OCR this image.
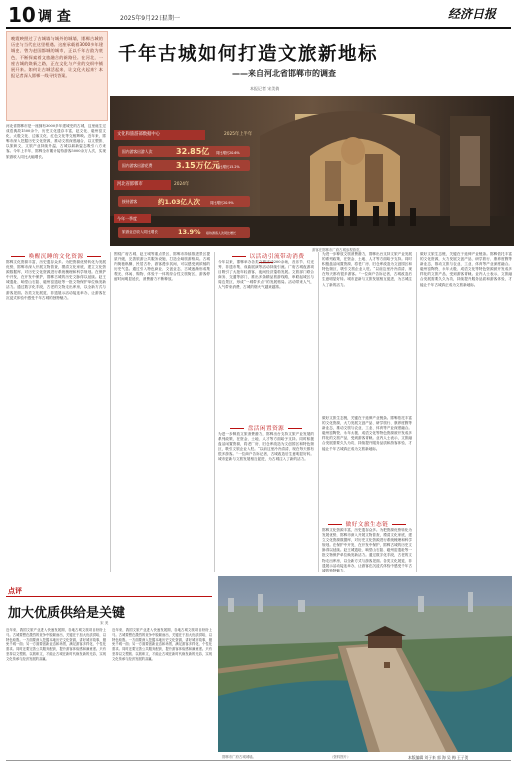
10 调 查	2025年9月22日
星期一	经济日报
晚霞映照过了古城墙与城外的城墙，邯郸古城的历史与当代在这里相遇。这座承载着3000多年建城史、曾为赵国都城的城市，正以千年古韵为底色，不断探索着文旅融合的新路径。在河北，一座古城的焕新之路，正在文化与产业的交织中铺展开来。如何让古城活起来、让文化火起来？本报记者深入邯郸一线寻找答案。
千年古城如何打造文旅新地标
——来自河北省邯郸市的调查
本报记者 宋美倩
河北省邯郸市是一座拥有3000多年建城史的古城，这里诞生过成语典故1500余个，历史文化遗存丰富，赵文化、磁州窑文化、太极文化、边塞文化、红色文化等交相辉映。近年来，邯郸市深入挖掘历史文化资源，推动文旅深度融合，以文塑旅、以旅彰文，文旅产业持续升温，古城以崭新姿态吸引八方来客。今年上半年，邯郸全市累计接待游客5000余万人次，实现旅游收入同比大幅增长。
文化和旅游部数据中心	2025年上半年
国内游客出游人次	32.85亿 同比增长20.6%
国内游客出游花费	3.15万亿元
同比增长15.2%
河北省邯郸市	2024年
接待游客	约1.03亿人次	同比增长20.9%
今年一季度
旅游业总收入同比增长	13.9% 接待游客人次同比增长
游客在邯郸市广府古城参观游览。
唤醒沉睡的文化资源
邯郸文化资源丰富，历史遗存众多。为把资源优势转化为发展优势，邯郸市深入开展文物普查，摸清文化家底，建立文化资源数据库，对历史文化资源进行系统梳理和科学规划。在保护中开发，在开发中保护，邯郸古城的历史文脉得以延续。赵王城遗址、响堂山石窟、磁州窑遗址等一批文物保护单位焕发新活力。通过数字化手段，古老的文物走出库房，以全新方式与游客见面。各类文化展览、非遗展示活动接连举办，让游客在沉浸式体验中感受千年古城的独特魅力。
围绕广府古城、赵王城等重点景区，邯郸市持续推进景区提质升级，完善旅游公共服务设施，打造全域旅游格局。古城内街巷纵横、民居古朴，游客漫步其间，可以感受到浓郁的历史气息。通过引入特色商业、文创业态，古城逐渐形成集观光、休闲、购物、体验于一体的综合性文旅街区，游客停留时间明显延长，消费潜力不断释放。
以活动引流带动消费
今年以来，邯郸举办各类文旅活动200余场，音乐节、灯光秀、非遗市集、戏曲展演等活动持续引流。广府古城夜游项目吸引了大批年轻游客，夜间经济蓬勃发展。文旅部门联合商务、交通等部门，推出多条精品旅游线路，串联起城区与周边景区，形成“一城带多点”的发展格局。活动带来人气，人气带来消费，古城的烟火气越来越浓。
盘活闲置资源
为进一步释放文旅消费潜力，邯郸出台支持文旅产业发展的系列政策，在资金、土地、人才等方面给予支持。同时积极盘活闲置资源，将老厂房、旧仓库改造为文创园区和特色街区，吸引文旅企业入驻。“以前这里冷冷清清，现在每天都有很多游客。”一位商户告诉记者，古城改造后生意明显好转。城市更新与文旅发展相互促进，为古城注入了新的活力。
为进一步释放文旅消费潜力，邯郸出台支持文旅产业发展的系列政策，在资金、土地、人才等方面给予支持。同时积极盘活闲置资源，将老厂房、旧仓库改造为文创园区和特色街区，吸引文旅企业入驻。“以前这里冷冷清清，现在每天都有很多游客。”一位商户告诉记者，古城改造后生意明显好转。城市更新与文旅发展相互促进，为古城注入了新的活力。
做好文旅生态链
做好文旅生态链，关键在于延伸产业链条。邯郸依托丰富的文化资源，大力发展文创产品、研学旅行、康养度假等新业态，推动文旅与农业、工业、体育等产业深度融合。磁州窑陶瓷、永年太极、成语文化等特色资源被开发成多样化的文旅产品，受到游客青睐。业内人士表示，文旅融合发展需要久久为功，持续提升服务品质和游客体验，才能让千年古城真正成为文旅新地标。
邯郸文化资源丰富，历史遗存众多。为把资源优势转化为发展优势，邯郸市深入开展文物普查，摸清文化家底，建立文化资源数据库，对历史文化资源进行系统梳理和科学规划。在保护中开发，在开发中保护，邯郸古城的历史文脉得以延续。赵王城遗址、响堂山石窟、磁州窑遗址等一批文物保护单位焕发新活力。通过数字化手段，古老的文物走出库房，以全新方式与游客见面。各类文化展览、非遗展示活动接连举办，让游客在沉浸式体验中感受千年古城的独特魅力。
做好文旅生态链，关键在于延伸产业链条。邯郸依托丰富的文化资源，大力发展文创产品、研学旅行、康养度假等新业态，推动文旅与农业、工业、体育等产业深度融合。磁州窑陶瓷、永年太极、成语文化等特色资源被开发成多样化的文旅产品，受到游客青睐。业内人士表示，文旅融合发展需要久久为功，持续提升服务品质和游客体验，才能让千年古城真正成为文旅新地标。
点评
加大优质供给是关键
宋 美
近年来，我国文旅产业进入快速发展期，各地古城文旅项目纷纷上马。古城要想在激烈的竞争中脱颖而出，关键在于加大优质供给，以特色取胜。一方面要深入挖掘本地历史文化资源，讲好城市故事，避免千城一面；另一方面要创新业态和场景，满足游客多样化、个性化需求。同时还要完善公共服务配套，提升游客体验感和满意度。只有坚持以文塑旅、以旅彰文，才能让古城在新时代焕发新的光彩，实现文化传承与经济发展的双赢。
近年来，我国文旅产业进入快速发展期，各地古城文旅项目纷纷上马。古城要想在激烈的竞争中脱颖而出，关键在于加大优质供给，以特色取胜。一方面要深入挖掘本地历史文化资源，讲好城市故事，避免千城一面；另一方面要创新业态和场景，满足游客多样化、个性化需求。同时还要完善公共服务配套，提升游客体验感和满意度。只有坚持以文塑旅、以旅彰文，才能让古城在新时代焕发新的光彩，实现文化传承与经济发展的双赢。
邯郸市广府古城城墙。	（资料图片）	本版编辑 刘子来 郭 海 吴 梅 王子贺
